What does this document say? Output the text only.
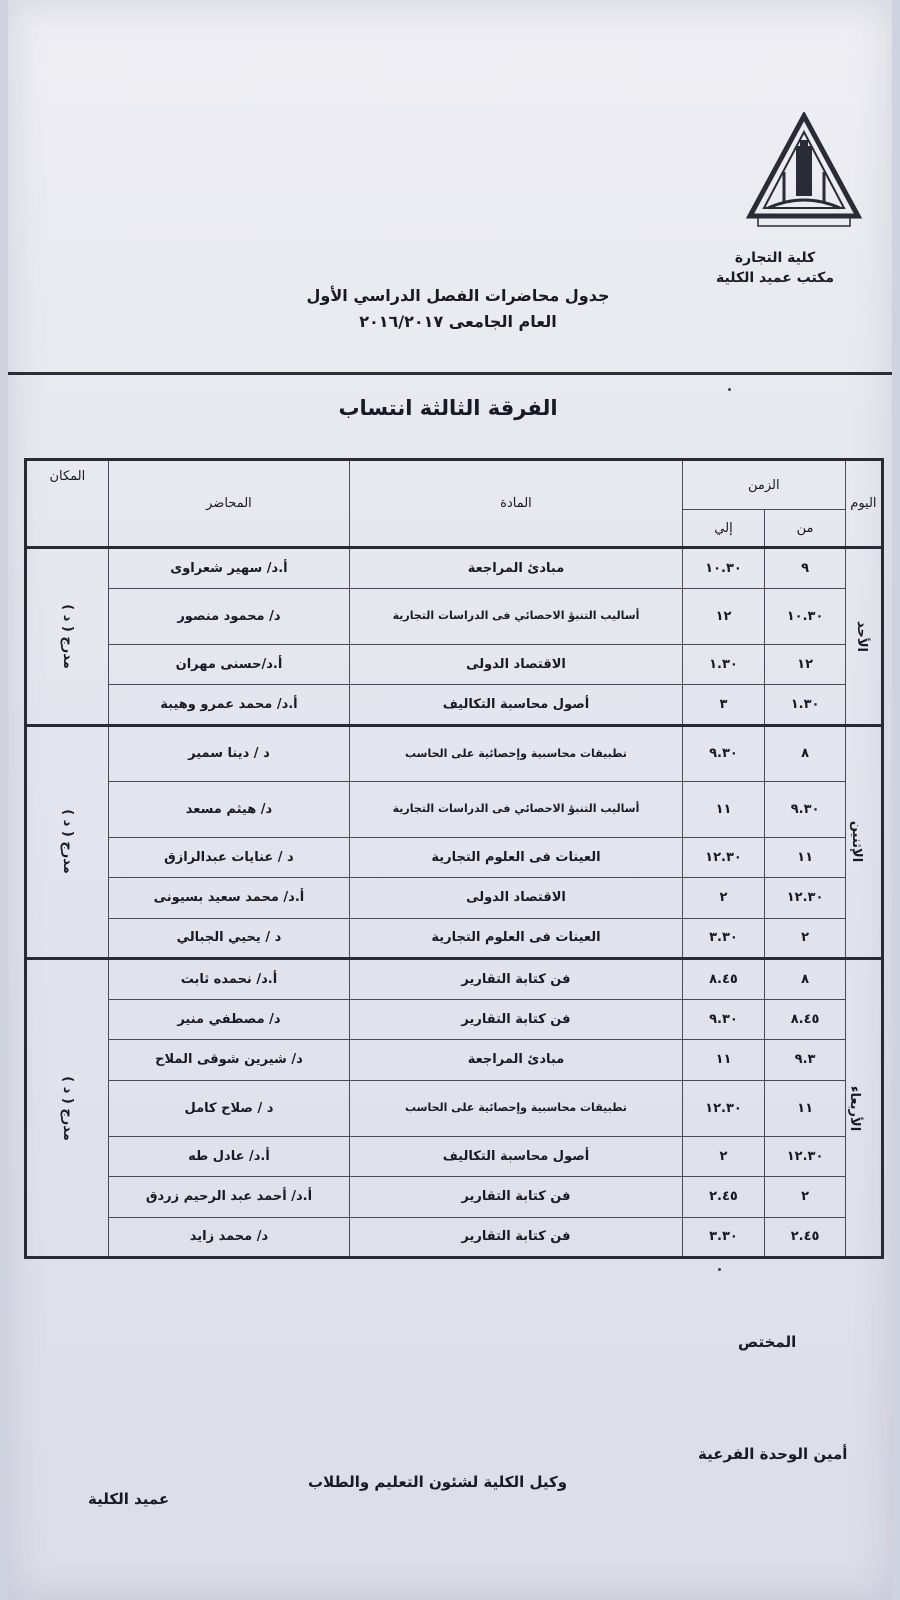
كلية التجارة
مكتب عميد الكلية
جدول محاضرات الفصل الدراسي الأول
العام الجامعى ٢٠١٦/٢٠١٧
الفرقة الثالثة انتساب
اليوم	الزمن		المادة	المحاضر	المكان
	من	إلي			
الأحد	٩	١٠.٣٠	مبادئ المراجعة	أ.د/ سهير شعراوى	مدرج ( د )
	١٠.٣٠	١٢	أساليب التنبؤ الاحصائي فى الدراسات التجارية	د/ محمود منصور	
	١٢	١.٣٠	الاقتصاد الدولى	أ.د/حسنى مهران	
	١.٣٠	٣	أصول محاسبة التكاليف	أ.د/ محمد عمرو وهيبة	
الإثنين	٨	٩.٣٠	تطبيقات محاسبية وإحصائية على الحاسب	د / دينا سمير	مدرج ( د )
	٩.٣٠	١١	أساليب التنبؤ الاحصائي فى الدراسات التجارية	د/ هيثم مسعد	
	١١	١٢.٣٠	العينات فى العلوم التجارية	د / عنايات عبدالرازق	
	١٢.٣٠	٢	الاقتصاد الدولى	أ.د/ محمد سعيد بسيونى	
	٢	٣.٣٠	العينات فى العلوم التجارية	د / يحيي الجبالي	
الأربعاء	٨	٨.٤٥	فن كتابة التقارير	أ.د/ نحمده ثابت	مدرج ( د )
	٨.٤٥	٩.٣٠	فن كتابة التقارير	د/ مصطفي منير	
	٩.٣	١١	مبادئ المراجعة	د/ شيرين شوقى الملاح	
	١١	١٢.٣٠	تطبيقات محاسبية وإحصائية على الحاسب	د / صلاح كامل	
	١٢.٣٠	٢	أصول محاسبة التكاليف	أ.د/ عادل طه	
	٢	٢.٤٥	فن كتابة التقارير	أ.د/ أحمد عبد الرحيم زردق	
	٢.٤٥	٣.٣٠	فن كتابة التقارير	د/ محمد زايد	
المختص
أمين الوحدة الفرعية
وكيل الكلية لشئون التعليم والطلاب
عميد الكلية
